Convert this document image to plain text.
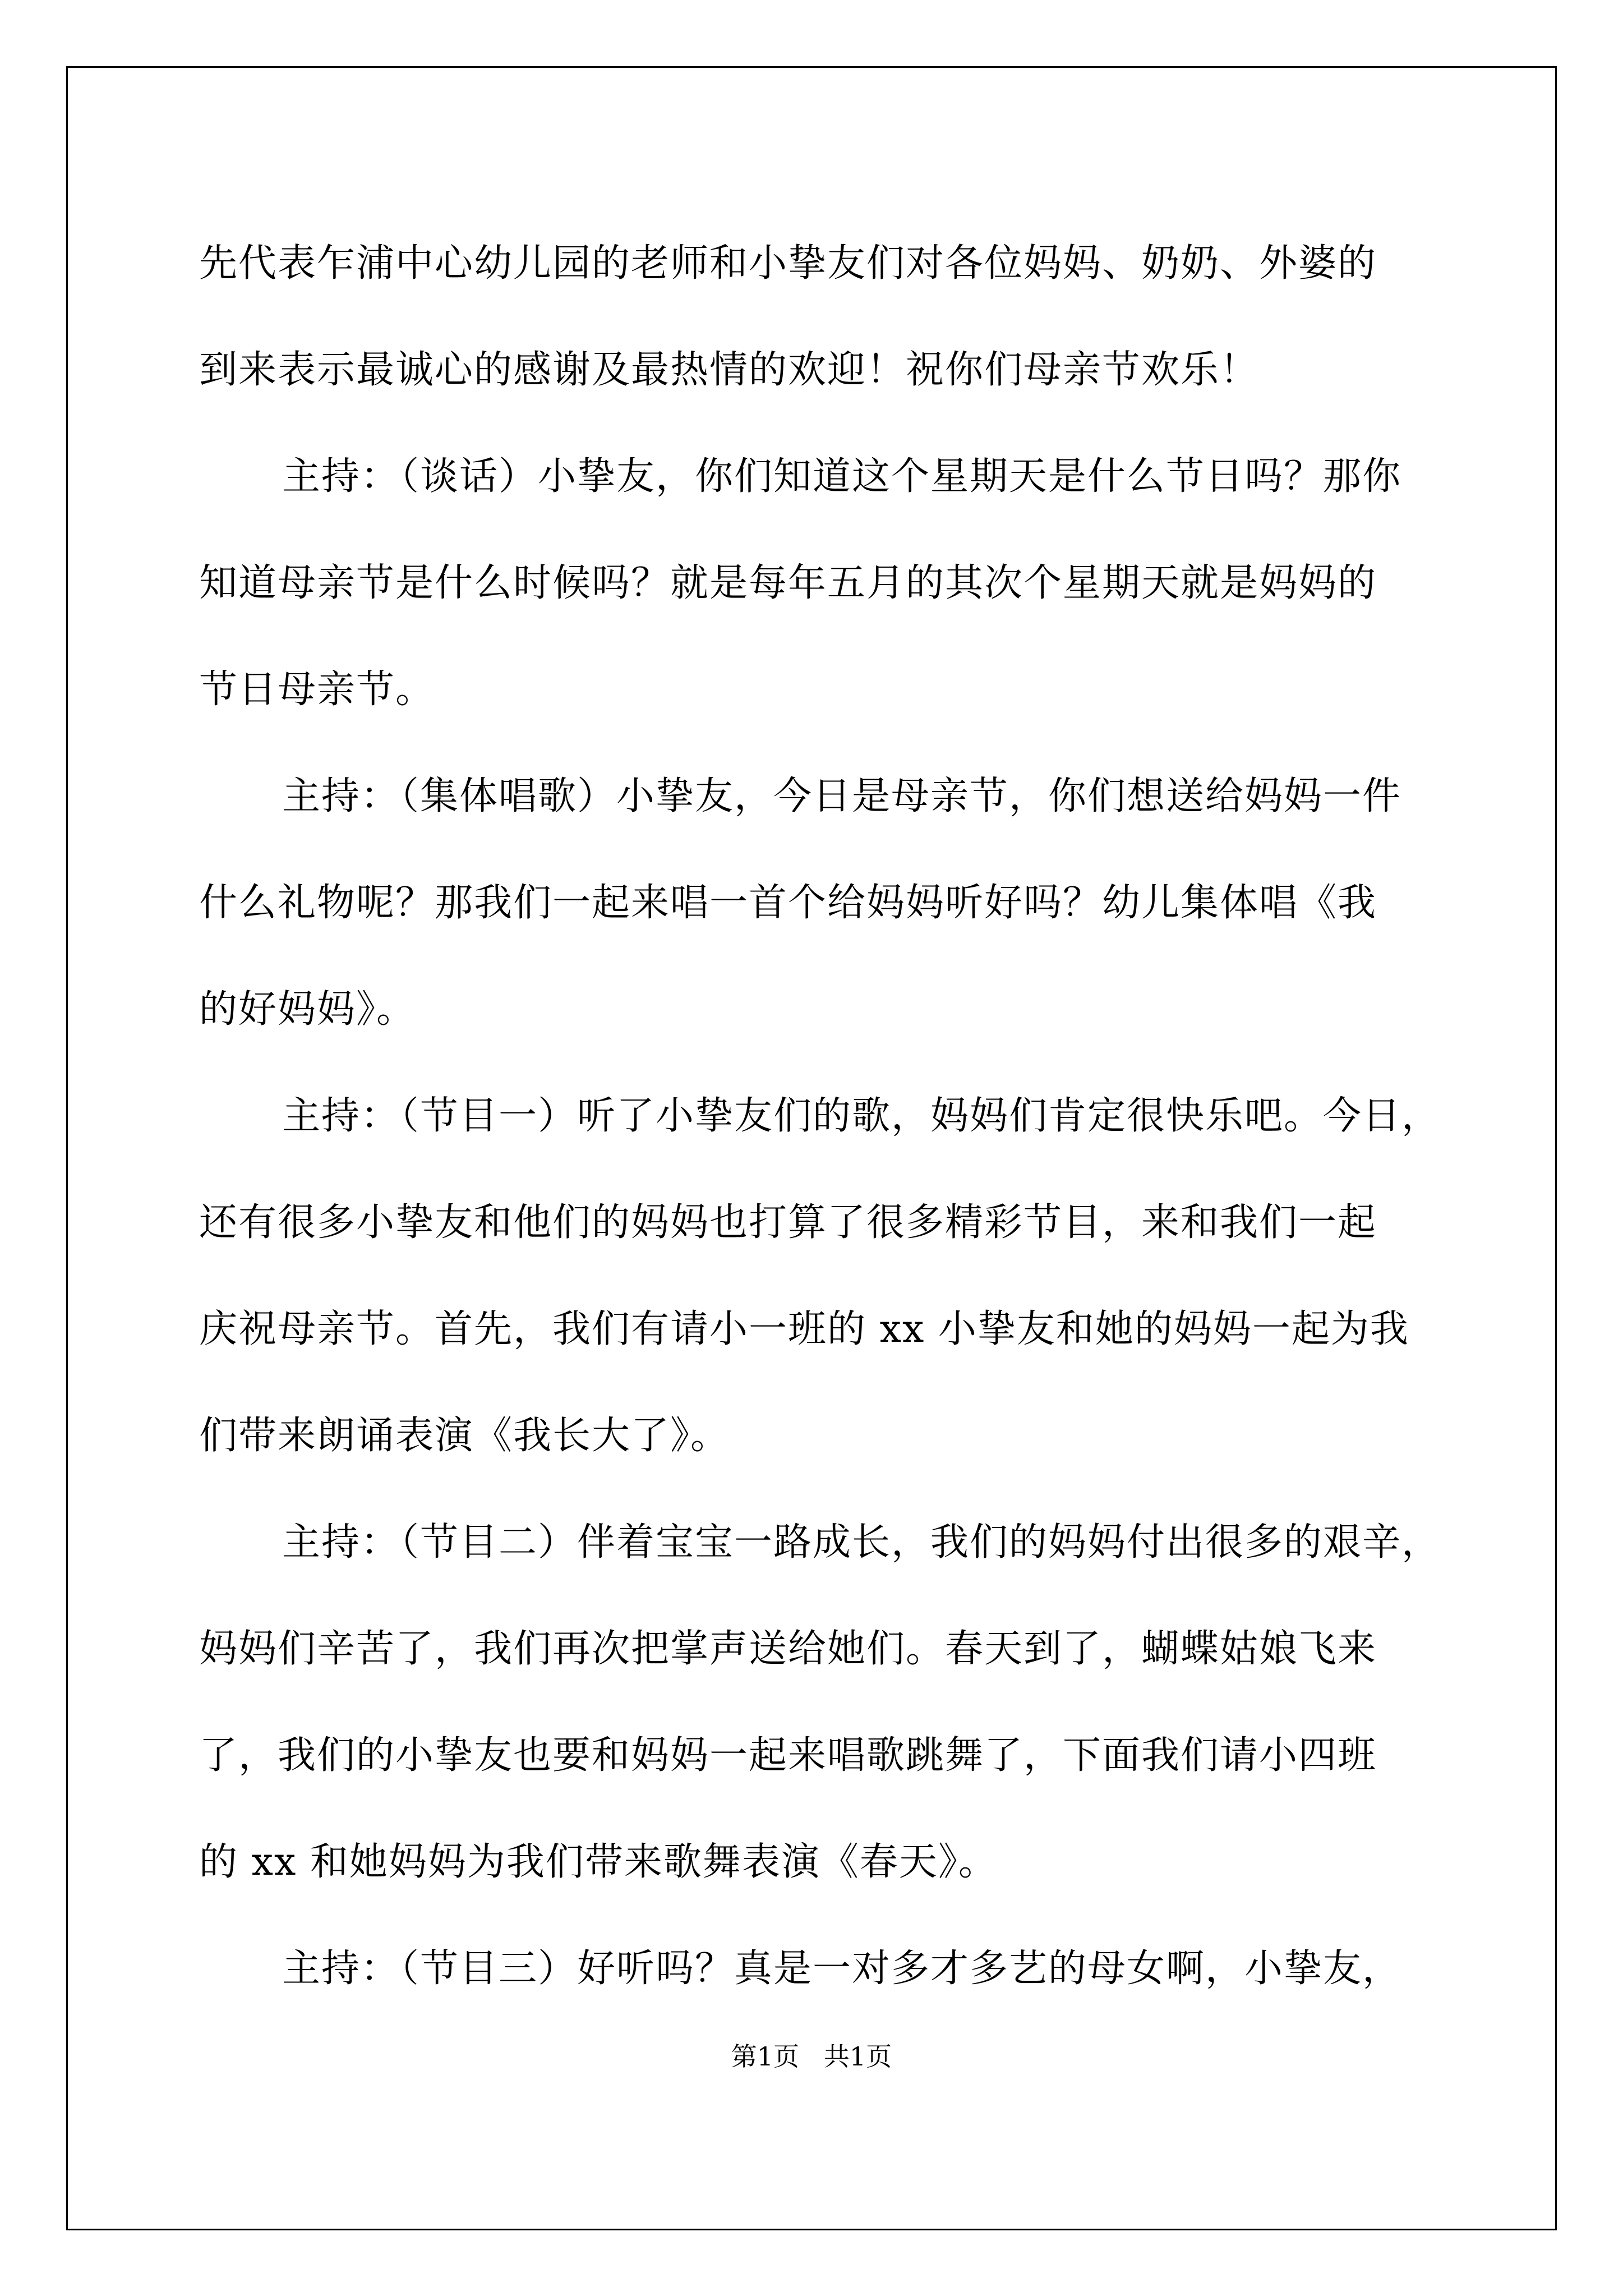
先代表乍浦中心幼儿园的老师和小挚友们对各位妈妈、奶奶、外婆的
到来表示最诚心的感谢及最热情的欢迎！祝你们母亲节欢乐！
主持：（谈话）小挚友，你们知道这个星期天是什么节日吗？那你
知道母亲节是什么时候吗？就是每年五月的其次个星期天就是妈妈的
节日母亲节。
主持：（集体唱歌）小挚友，今日是母亲节，你们想送给妈妈一件
什么礼物呢？那我们一起来唱一首个给妈妈听好吗？幼儿集体唱《我
的好妈妈》。
主持：（节目一）听了小挚友们的歌，妈妈们肯定很快乐吧。今日，
还有很多小挚友和他们的妈妈也打算了很多精彩节目，来和我们一起
庆祝母亲节。首先，我们有请小一班的 xx 小挚友和她的妈妈一起为我
们带来朗诵表演《我长大了》。
主持：（节目二）伴着宝宝一路成长，我们的妈妈付出很多的艰辛，
妈妈们辛苦了，我们再次把掌声送给她们。春天到了，蝴蝶姑娘飞来
了，我们的小挚友也要和妈妈一起来唱歌跳舞了，下面我们请小四班
的 xx 和她妈妈为我们带来歌舞表演《春天》。
主持：（节目三）好听吗？真是一对多才多艺的母女啊，小挚友，
第1页   共1页
